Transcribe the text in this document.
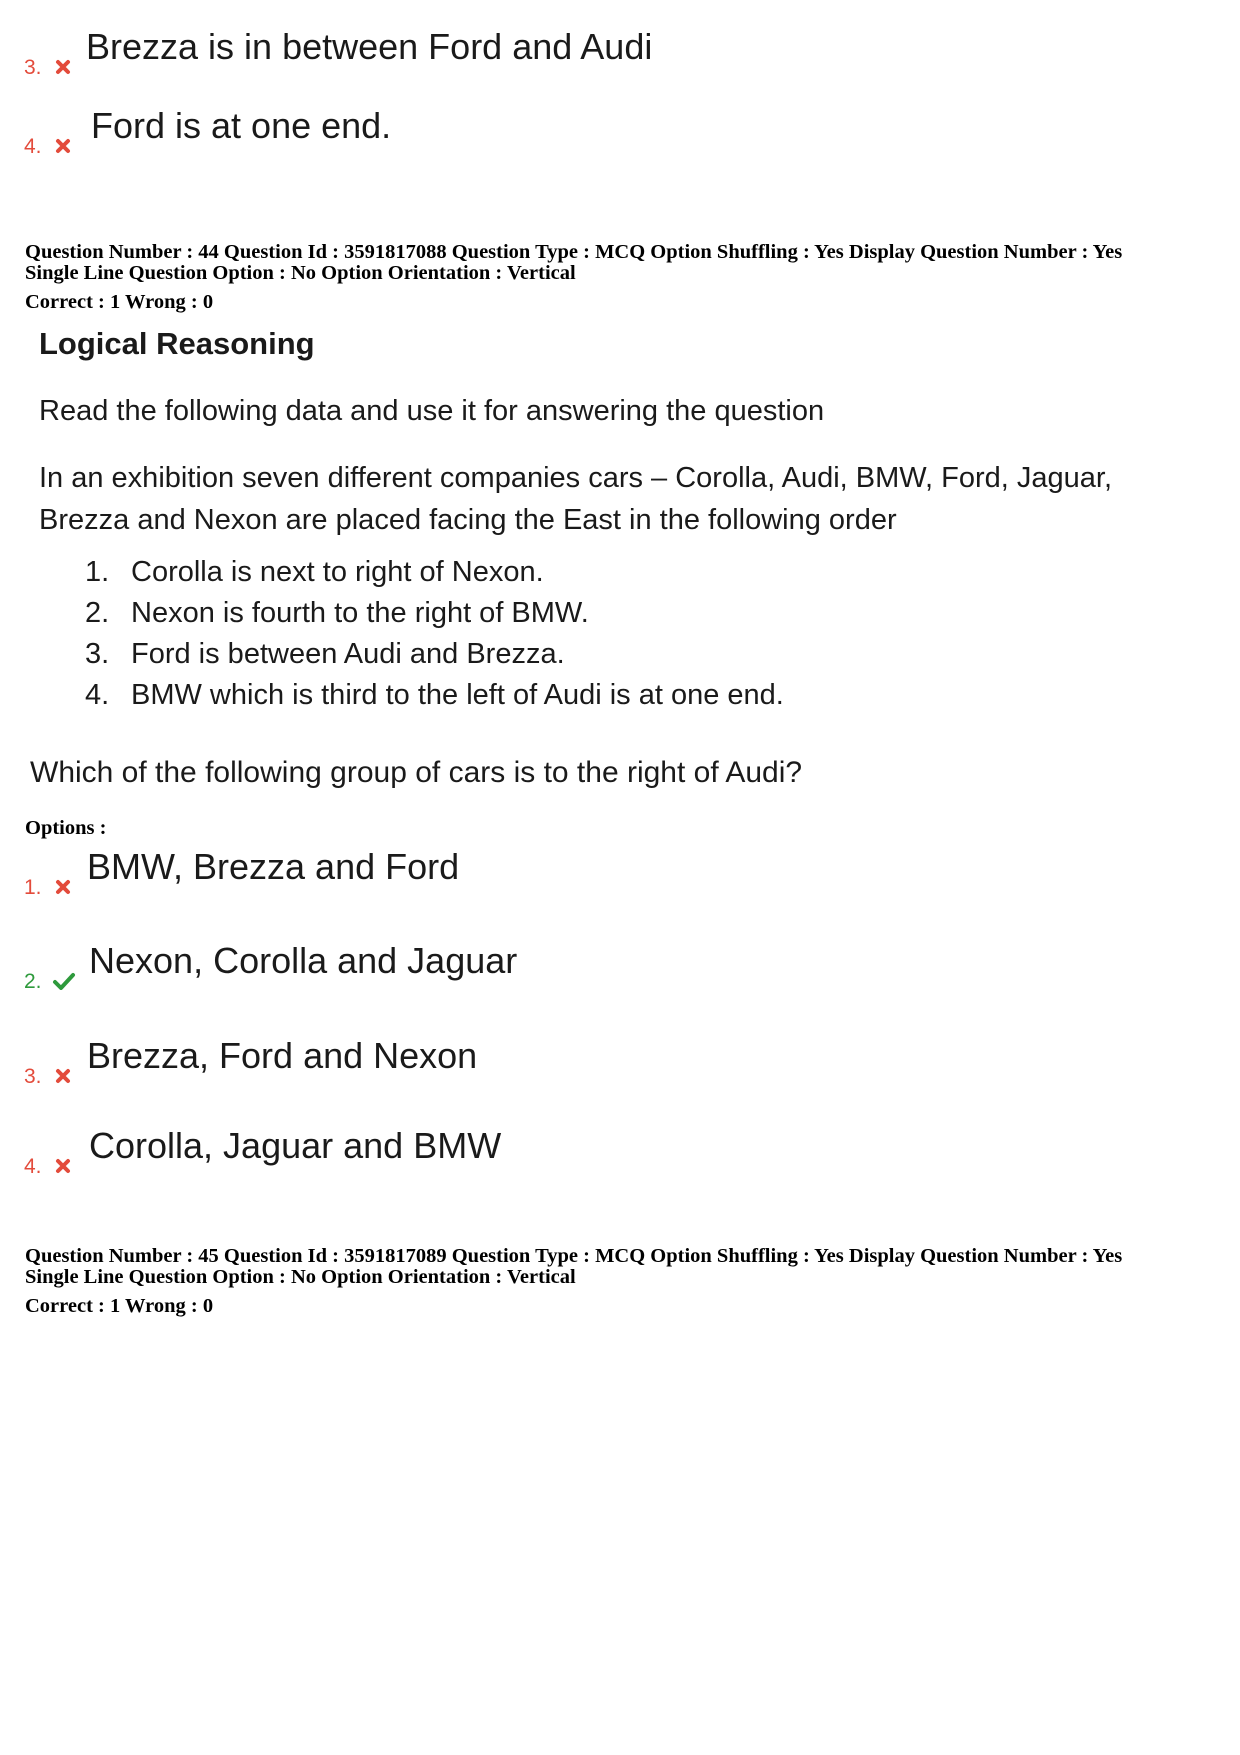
3.
Brezza is in between Ford and Audi
4.
Ford is at one end.
Question Number : 44 Question Id : 3591817088 Question Type : MCQ Option Shuffling : Yes Display Question Number : Yes
Single Line Question Option : No Option Orientation : Vertical
Correct : 1 Wrong : 0
Logical Reasoning
Read the following data and use it for answering the question
In an exhibition seven different companies cars – Corolla, Audi, BMW, Ford, Jaguar,
Brezza and Nexon are placed facing the East in the following order
1. Corolla is next to right of Nexon.
2. Nexon is fourth to the right of BMW.
3. Ford is between Audi and Brezza.
4. BMW which is third to the left of Audi is at one end.
Which of the following group of cars is to the right of Audi?
Options :
1.
BMW, Brezza and Ford
2.
Nexon, Corolla and Jaguar
3.
Brezza, Ford and Nexon
4.
Corolla, Jaguar and BMW
Question Number : 45 Question Id : 3591817089 Question Type : MCQ Option Shuffling : Yes Display Question Number : Yes
Single Line Question Option : No Option Orientation : Vertical
Correct : 1 Wrong : 0
